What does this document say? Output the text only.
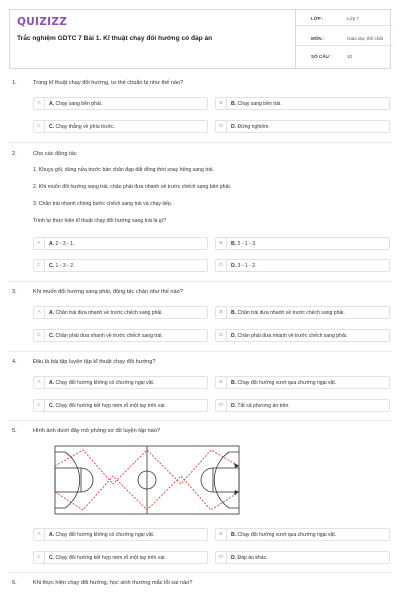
QUIZIZZ
Trắc nghiệm GDTC 7 Bài 1. Kĩ thuật chạy đổi hướng có đáp án
LỚP :	Lớp 7
MÔN :	Giáo dục thể chất
SỐ CÂU :	10
1.	Trong kĩ thuật chạy đổi hướng, tư thế chuẩn bị như thế nào?
A	A. Chạy sang bên phải.	B	B. Chạy sang bên trái.
C	C. Chạy thẳng về phía trước.	D	D. Đứng nghiêm.
2.	Cho các động tác
1. Khuỵu gối, dùng nửa trước bàn chân đạp đất đồng thời xoay hông sang trái.
2. Khi muốn đổi hướng sang trái, chân phải đưa nhanh về trước chếch sang bên phải.
3. Chân trái nhanh chóng bước chếch sang trái và chạy tiếp.
Trình tự thực hiện kĩ thuật chạy đổi hướng sang trái là gì?
A	A. 2 - 3 - 1.	B	B. 2 - 1 - 3.
C	C. 1 - 3 - 2.	D	D. 3 - 1 - 2.
3.	Khi muốn đổi hướng sang phải, động tác chân như thế nào?
A	A. Chân trái đưa nhanh về trước chếch sang phải.	B	B. Chân trái đưa nhanh về trước chếch sang phải.
C	C. Chân phải đưa nhanh về trước chếch sang trái.	D	D. Chân phải đưa nhanh về trước chếch sang phải.
4.	Đâu là bài tập luyện tập kĩ thuật chạy đổi hướng?
A	A. Chạy đổi hướng không có chướng ngại vật.	B	B. Chạy đổi hướng vượt qua chướng ngại vật.
C	C. Chạy đổi hướng kết hợp ném rổ một tay trên vai.	D	D. Tất cả phương án trên.
5.	Hình ảnh dưới đây mô phỏng sơ đồ luyện tập nào?
A	A. Chạy đổi hướng không có chướng ngại vật.	B	B. Chạy đổi hướng vượt qua chướng ngại vật.
C	C. Chạy đổi hướng kết hợp ném rổ một tay trên vai.	D	D. Đáp án khác.
6.	Khi thực hiện chạy đổi hướng, học sinh thường mắc lỗi sai nào?
